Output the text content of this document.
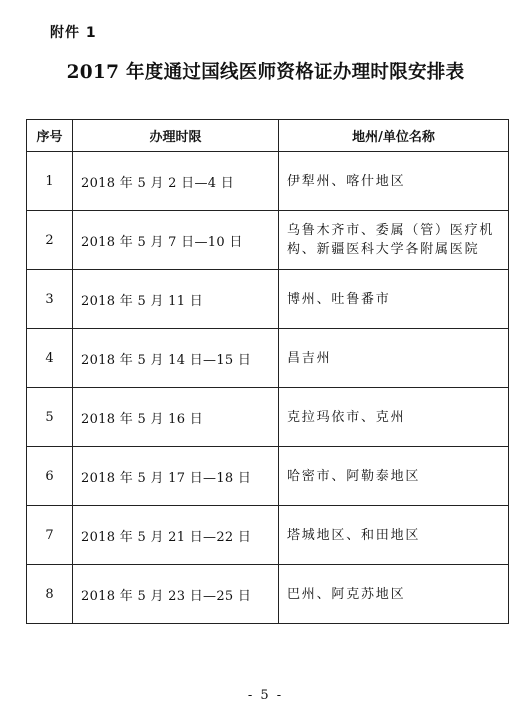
附件 1
2017 年度通过国线医师资格证办理时限安排表
序号	办理时限	地州/单位名称
1	2018 年 5 月 2 日—4 日	伊犁州、喀什地区
2	2018 年 5 月 7 日—10 日	乌鲁木齐市、委属（管）医疗机构、新疆医科大学各附属医院
3	2018 年 5 月 11 日	博州、吐鲁番市
4	2018 年 5 月 14 日—15 日	昌吉州
5	2018 年 5 月 16 日	克拉玛依市、克州
6	2018 年 5 月 17 日—18 日	哈密市、阿勒泰地区
7	2018 年 5 月 21 日—22 日	塔城地区、和田地区
8	2018 年 5 月 23 日—25 日	巴州、阿克苏地区
- 5 -
